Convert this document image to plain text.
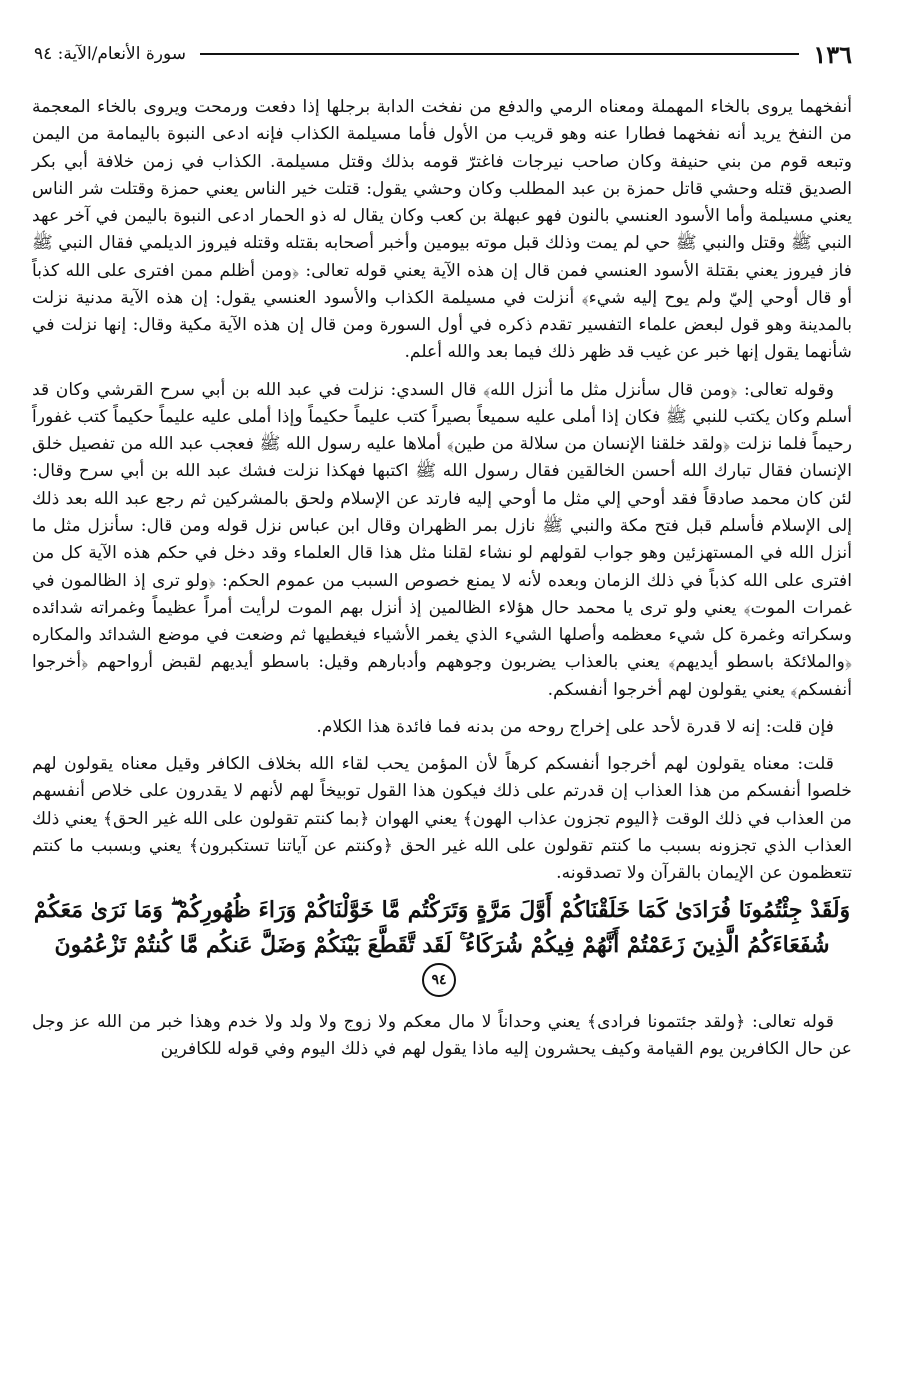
١٣٦
سورة الأنعام/الآية: ٩٤

أنفخهما يروى بالخاء المهملة ومعناه الرمي والدفع من نفخت الدابة برجلها إذا دفعت ورمحت ويروى بالخاء المعجمة من النفخ يريد أنه نفخهما فطارا عنه وهو قريب من الأول فأما مسيلمة الكذاب فإنه ادعى النبوة باليمامة من اليمن وتبعه قوم من بني حنيفة وكان صاحب نيرجات فاغترّ قومه بذلك وقتل مسيلمة. الكذاب في زمن خلافة أبي بكر الصديق قتله وحشي قاتل حمزة بن عبد المطلب وكان وحشي يقول: قتلت خير الناس يعني حمزة وقتلت شر الناس يعني مسيلمة وأما الأسود العنسي بالنون فهو عبهلة بن كعب وكان يقال له ذو الحمار ادعى النبوة باليمن في آخر عهد النبي ﷺ وقتل والنبي ﷺ حي لم يمت وذلك قبل موته بيومين وأخبر أصحابه بقتله وقتله فيروز الديلمي فقال النبي ﷺ فاز فيروز يعني بقتلة الأسود العنسي فمن قال إن هذه الآية يعني قوله تعالى: ﴿ومن أظلم ممن افترى على الله كذباً أو قال أوحي إليّ ولم يوح إليه شيء﴾ أنزلت في مسيلمة الكذاب والأسود العنسي يقول: إن هذه الآية مدنية نزلت بالمدينة وهو قول لبعض علماء التفسير تقدم ذكره في أول السورة ومن قال إن هذه الآية مكية وقال: إنها نزلت في شأنهما يقول إنها خبر عن غيب قد ظهر ذلك فيما بعد والله أعلم.

وقوله تعالى: ﴿ومن قال سأنزل مثل ما أنزل الله﴾ قال السدي: نزلت في عبد الله بن أبي سرح القرشي وكان قد أسلم وكان يكتب للنبي ﷺ فكان إذا أملى عليه سميعاً بصيراً كتب عليماً حكيماً وإذا أملى عليه عليماً حكيماً كتب غفوراً رحيماً فلما نزلت ﴿ولقد خلقنا الإنسان من سلالة من طين﴾ أملاها عليه رسول الله ﷺ فعجب عبد الله من تفصيل خلق الإنسان فقال تبارك الله أحسن الخالقين فقال رسول الله ﷺ اكتبها فهكذا نزلت فشك عبد الله بن أبي سرح وقال: لئن كان محمد صادقاً فقد أوحي إلي مثل ما أوحي إليه فارتد عن الإسلام ولحق بالمشركين ثم رجع عبد الله بعد ذلك إلى الإسلام فأسلم قبل فتح مكة والنبي ﷺ نازل بمر الظهران وقال ابن عباس نزل قوله ومن قال: سأنزل مثل ما أنزل الله في المستهزئين وهو جواب لقولهم لو نشاء لقلنا مثل هذا قال العلماء وقد دخل في حكم هذه الآية كل من افترى على الله كذباً في ذلك الزمان وبعده لأنه لا يمنع خصوص السبب من عموم الحكم: ﴿ولو ترى إذ الظالمون في غمرات الموت﴾ يعني ولو ترى يا محمد حال هؤلاء الظالمين إذ أنزل بهم الموت لرأيت أمراً عظيماً وغمراته شدائده وسكراته وغمرة كل شيء معظمه وأصلها الشيء الذي يغمر الأشياء فيغطيها ثم وضعت في موضع الشدائد والمكاره ﴿والملائكة باسطو أيديهم﴾ يعني بالعذاب يضربون وجوههم وأدبارهم وقيل: باسطو أيديهم لقبض أرواحهم ﴿أخرجوا أنفسكم﴾ يعني يقولون لهم أخرجوا أنفسكم.

فإن قلت: إنه لا قدرة لأحد على إخراج روحه من بدنه فما فائدة هذا الكلام.

قلت: معناه يقولون لهم أخرجوا أنفسكم كرهاً لأن المؤمن يحب لقاء الله بخلاف الكافر وقيل معناه يقولون لهم خلصوا أنفسكم من هذا العذاب إن قدرتم على ذلك فيكون هذا القول توبيخاً لهم لأنهم لا يقدرون على خلاص أنفسهم من العذاب في ذلك الوقت ﴿اليوم تجزون عذاب الهون﴾ يعني الهوان ﴿بما كنتم تقولون على الله غير الحق﴾ يعني ذلك العذاب الذي تجزونه بسبب ما كنتم تقولون على الله غير الحق ﴿وكنتم عن آياتنا تستكبرون﴾ يعني وبسبب ما كنتم تتعظمون عن الإيمان بالقرآن ولا تصدقونه.

وَلَقَدْ جِئْتُمُونَا فُرَادَىٰ كَمَا خَلَقْنَاكُمْ أَوَّلَ مَرَّةٍ وَتَرَكْتُم مَّا خَوَّلْنَاكُمْ وَرَاءَ ظُهُورِكُمْ ۖ وَمَا نَرَىٰ مَعَكُمْ شُفَعَاءَكُمُ الَّذِينَ زَعَمْتُمْ أَنَّهُمْ فِيكُمْ شُرَكَاءُ ۚ لَقَد تَّقَطَّعَ بَيْنَكُمْ وَضَلَّ عَنكُم مَّا كُنتُمْ تَزْعُمُونَ ٩٤

قوله تعالى: ﴿ولقد جئتمونا فرادى﴾ يعني وحداناً لا مال معكم ولا زوج ولا ولد ولا خدم وهذا خبر من الله عز وجل عن حال الكافرين يوم القيامة وكيف يحشرون إليه ماذا يقول لهم في ذلك اليوم وفي قوله للكافرين
